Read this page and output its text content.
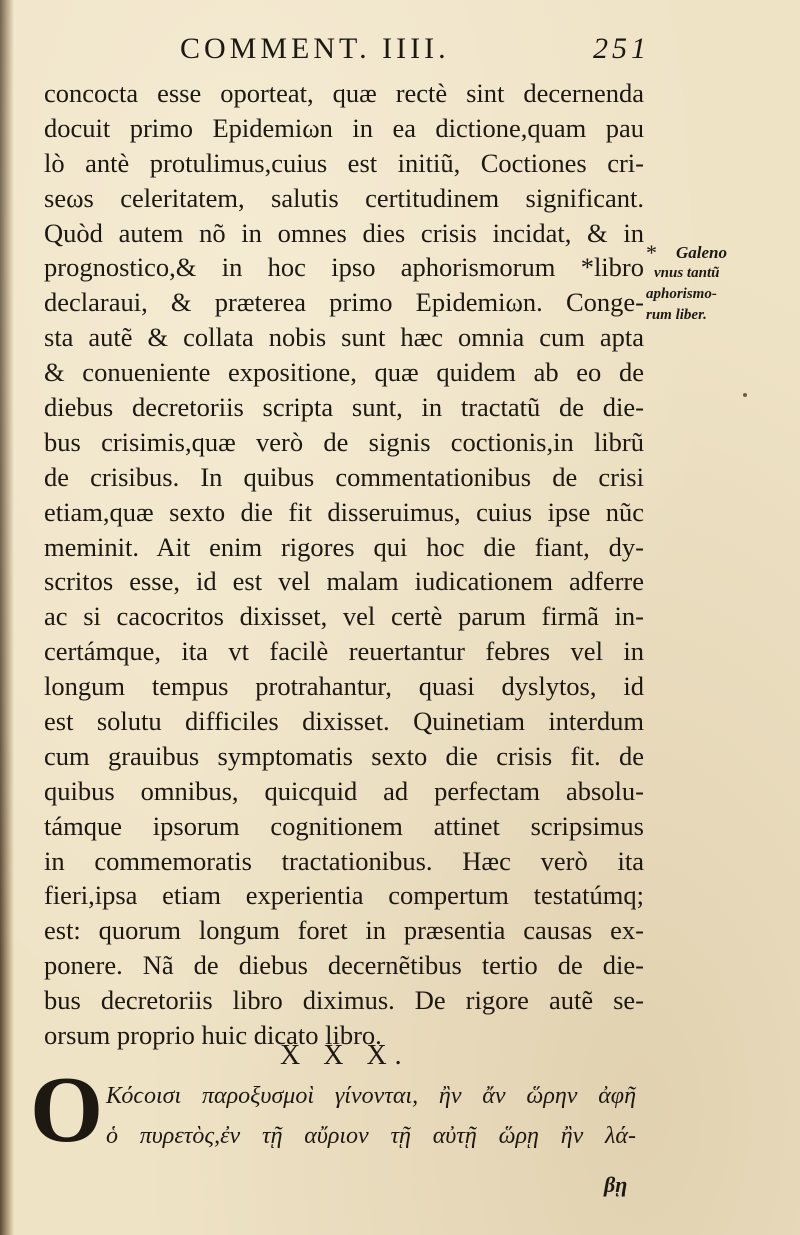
COMMENT. IIII.	251
concocta esse oporteat, quæ rectè sint decernenda
docuit primo Epidemiωn in ea dictione,quam pau
lò antè protulimus,cuius est initiũ, Coctiones cri-
seωs celeritatem, salutis certitudinem significant.
Quòd autem nõ in omnes dies crisis incidat, & in
prognostico,& in hoc ipso aphorismorum *libro
declaraui, & præterea primo Epidemiωn. Conge-
sta autẽ & collata nobis sunt hæc omnia cum apta
& conueniente expositione, quæ quidem ab eo de
diebus decretoriis scripta sunt, in tractatũ de die-
bus crisimis,quæ verò de signis coctionis,in librũ
de crisibus. In quibus commentationibus de crisi
etiam,quæ sexto die fit disseruimus, cuius ipse nũc
meminit. Ait enim rigores qui hoc die fiant, dy-
scritos esse, id est vel malam iudicationem adferre
ac si cacocritos dixisset, vel certè parum firmã in-
certámque, ita vt facilè reuertantur febres vel in
longum tempus protrahantur, quasi dyslytos, id
est solutu difficiles dixisset. Quinetiam interdum
cum grauibus symptomatis sexto die crisis fit. de
quibus omnibus, quicquid ad perfectam absolu-
támque ipsorum cognitionem attinet scripsimus
in commemoratis tractationibus. Hæc verò ita
fieri,ipsa etiam experientia compertum testatúmq;
est: quorum longum foret in præsentia causas ex-
ponere. Nã de diebus decernẽtibus tertio de die-
bus decretoriis libro diximus. De rigore autẽ se-
orsum proprio huic dicato libro.
*	Galeno
vnus tantũ
aphorismo-
rum liber.
X X X.
O Κόϲοισι παροξυσμοὶ γίνονται, ἢν ἄν ὥρην ἀφῆ
ὁ πυρετὸς,ἐν τῇ αὔριον τῇ αὐτῇ ὥρῃ ἢν λά-
βῃ
